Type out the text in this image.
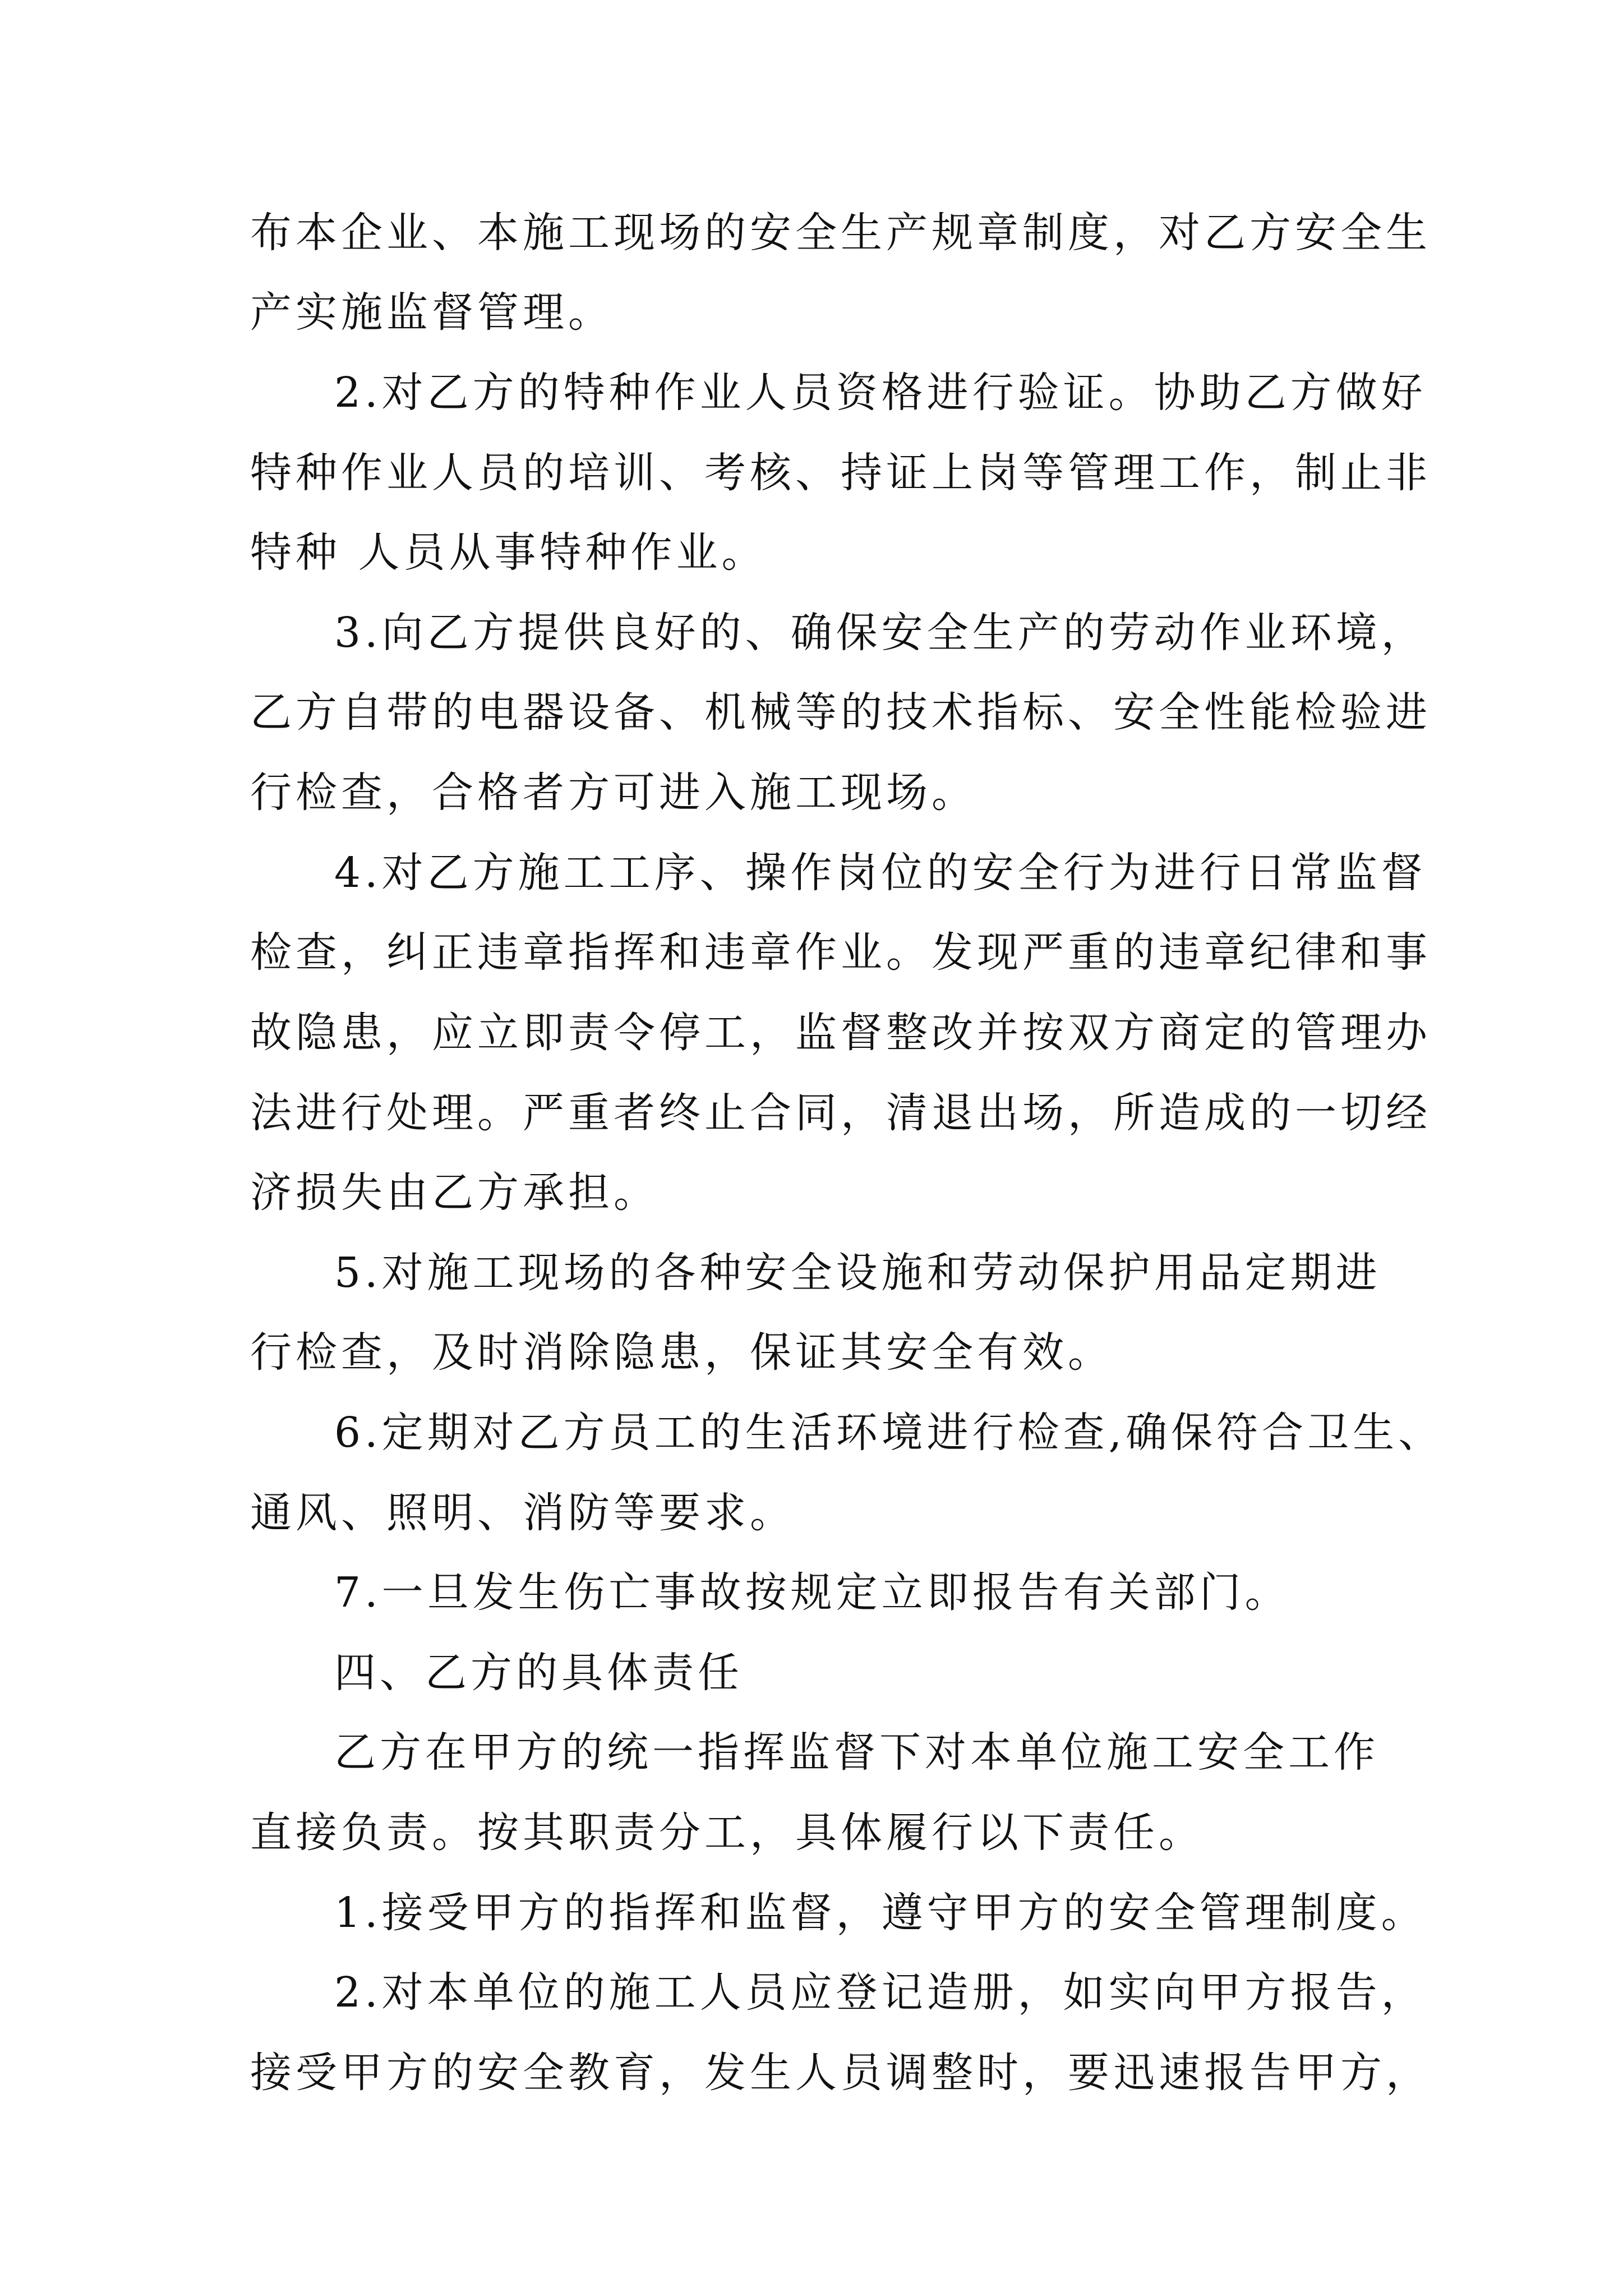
布本企业、本施工现场的安全生产规章制度，对乙方安全生

产实施监督管理。

2.对乙方的特种作业人员资格进行验证。协助乙方做好

特种作业人员的培训、考核、持证上岗等管理工作，制止非

特种 人员从事特种作业。

3.向乙方提供良好的、确保安全生产的劳动作业环境，

乙方自带的电器设备、机械等的技术指标、安全性能检验进

行检查，合格者方可进入施工现场。

4.对乙方施工工序、操作岗位的安全行为进行日常监督

检查，纠正违章指挥和违章作业。发现严重的违章纪律和事

故隐患，应立即责令停工，监督整改并按双方商定的管理办

法进行处理。严重者终止合同，清退出场，所造成的一切经

济损失由乙方承担。

5.对施工现场的各种安全设施和劳动保护用品定期进

行检查，及时消除隐患，保证其安全有效。

6.定期对乙方员工的生活环境进行检查,确保符合卫生、

通风、照明、消防等要求。

7.一旦发生伤亡事故按规定立即报告有关部门。

四、乙方的具体责任

乙方在甲方的统一指挥监督下对本单位施工安全工作

直接负责。按其职责分工，具体履行以下责任。

1.接受甲方的指挥和监督，遵守甲方的安全管理制度。

2.对本单位的施工人员应登记造册，如实向甲方报告，

接受甲方的安全教育，发生人员调整时，要迅速报告甲方，
